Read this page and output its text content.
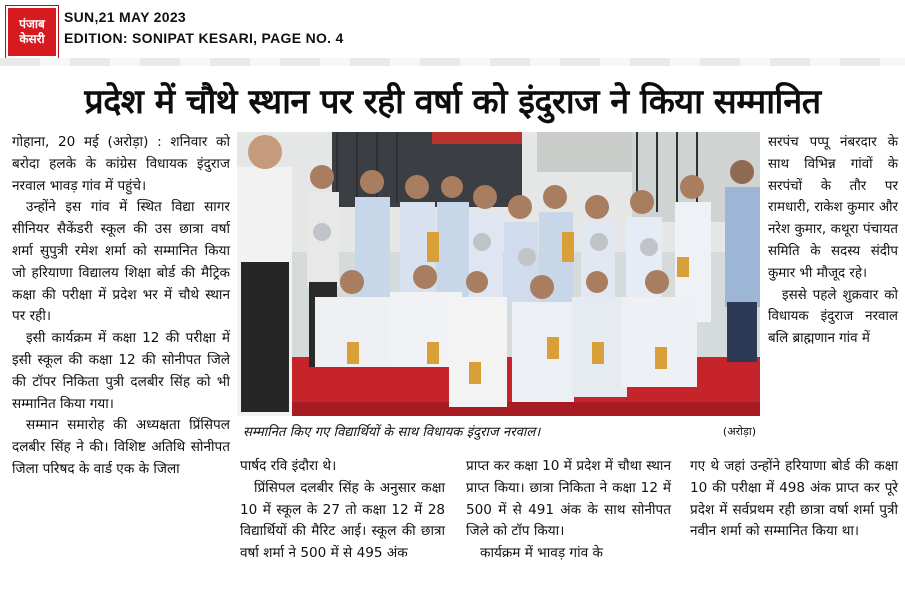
पंजाब
केसरी
SUN,21 MAY 2023
EDITION: SONIPAT KESARI, PAGE NO. 4
प्रदेश में चौथे स्थान पर रही वर्षा को इंदुराज ने किया सम्मानित

गोहाना, 20 मई (अरोड़ा) : शनिवार को बरोदा हलके के कांग्रेस विधायक इंदुराज नरवाल भावड़ गांव में पहुंचे।

उन्होंने इस गांव में स्थित विद्या सागर सीनियर सैकेंडरी स्कूल की उस छात्रा वर्षा शर्मा सुपुत्री रमेश शर्मा को सम्मानित किया जो हरियाणा विद्यालय शिक्षा बोर्ड की मैट्रिक कक्षा की परीक्षा में प्रदेश भर में चौथे स्थान पर रही।

इसी कार्यक्रम में कक्षा 12 की परीक्षा में इसी स्कूल की कक्षा 12 की सोनीपत जिले की टॉपर निकिता पुत्री दलबीर सिंह को भी सम्मानित किया गया।

सम्मान समारोह की अध्यक्षता प्रिंसिपल दलबीर सिंह ने की। विशिष्ट अतिथि सोनीपत जिला परिषद के वार्ड एक के जिला

सम्मानित किए गए विद्यार्थियों के साथ विधायक इंदुराज नरवाल।	(अरोड़ा)

सरपंच पप्पू नंबरदार के साथ विभिन्न गांवों के सरपंचों के तौर पर रामधारी, राकेश कुमार और नरेश कुमार, कथूरा पंचायत समिति के सदस्य संदीप कुमार भी मौजूद रहे।

इससे पहले शुक्रवार को विधायक इंदुराज नरवाल बलि ब्राह्मणान गांव में

पार्षद रवि इंदौरा थे।

प्रिंसिपल दलबीर सिंह के अनुसार कक्षा 10 में स्कूल के 27 तो कक्षा 12 में 28 विद्यार्थियों की मैरिट आई। स्कूल की छात्रा वर्षा शर्मा ने 500 में से 495 अंक

प्राप्त कर कक्षा 10 में प्रदेश में चौथा स्थान प्राप्त किया। छात्रा निकिता ने कक्षा 12 में 500 में से 491 अंक के साथ सोनीपत जिले को टॉप किया।

कार्यक्रम में भावड़ गांव के

गए थे जहां उन्होंने हरियाणा बोर्ड की कक्षा 10 की परीक्षा में 498 अंक प्राप्त कर पूरे प्रदेश में सर्वप्रथम रही छात्रा वर्षा शर्मा पुत्री नवीन शर्मा को सम्मानित किया था।
